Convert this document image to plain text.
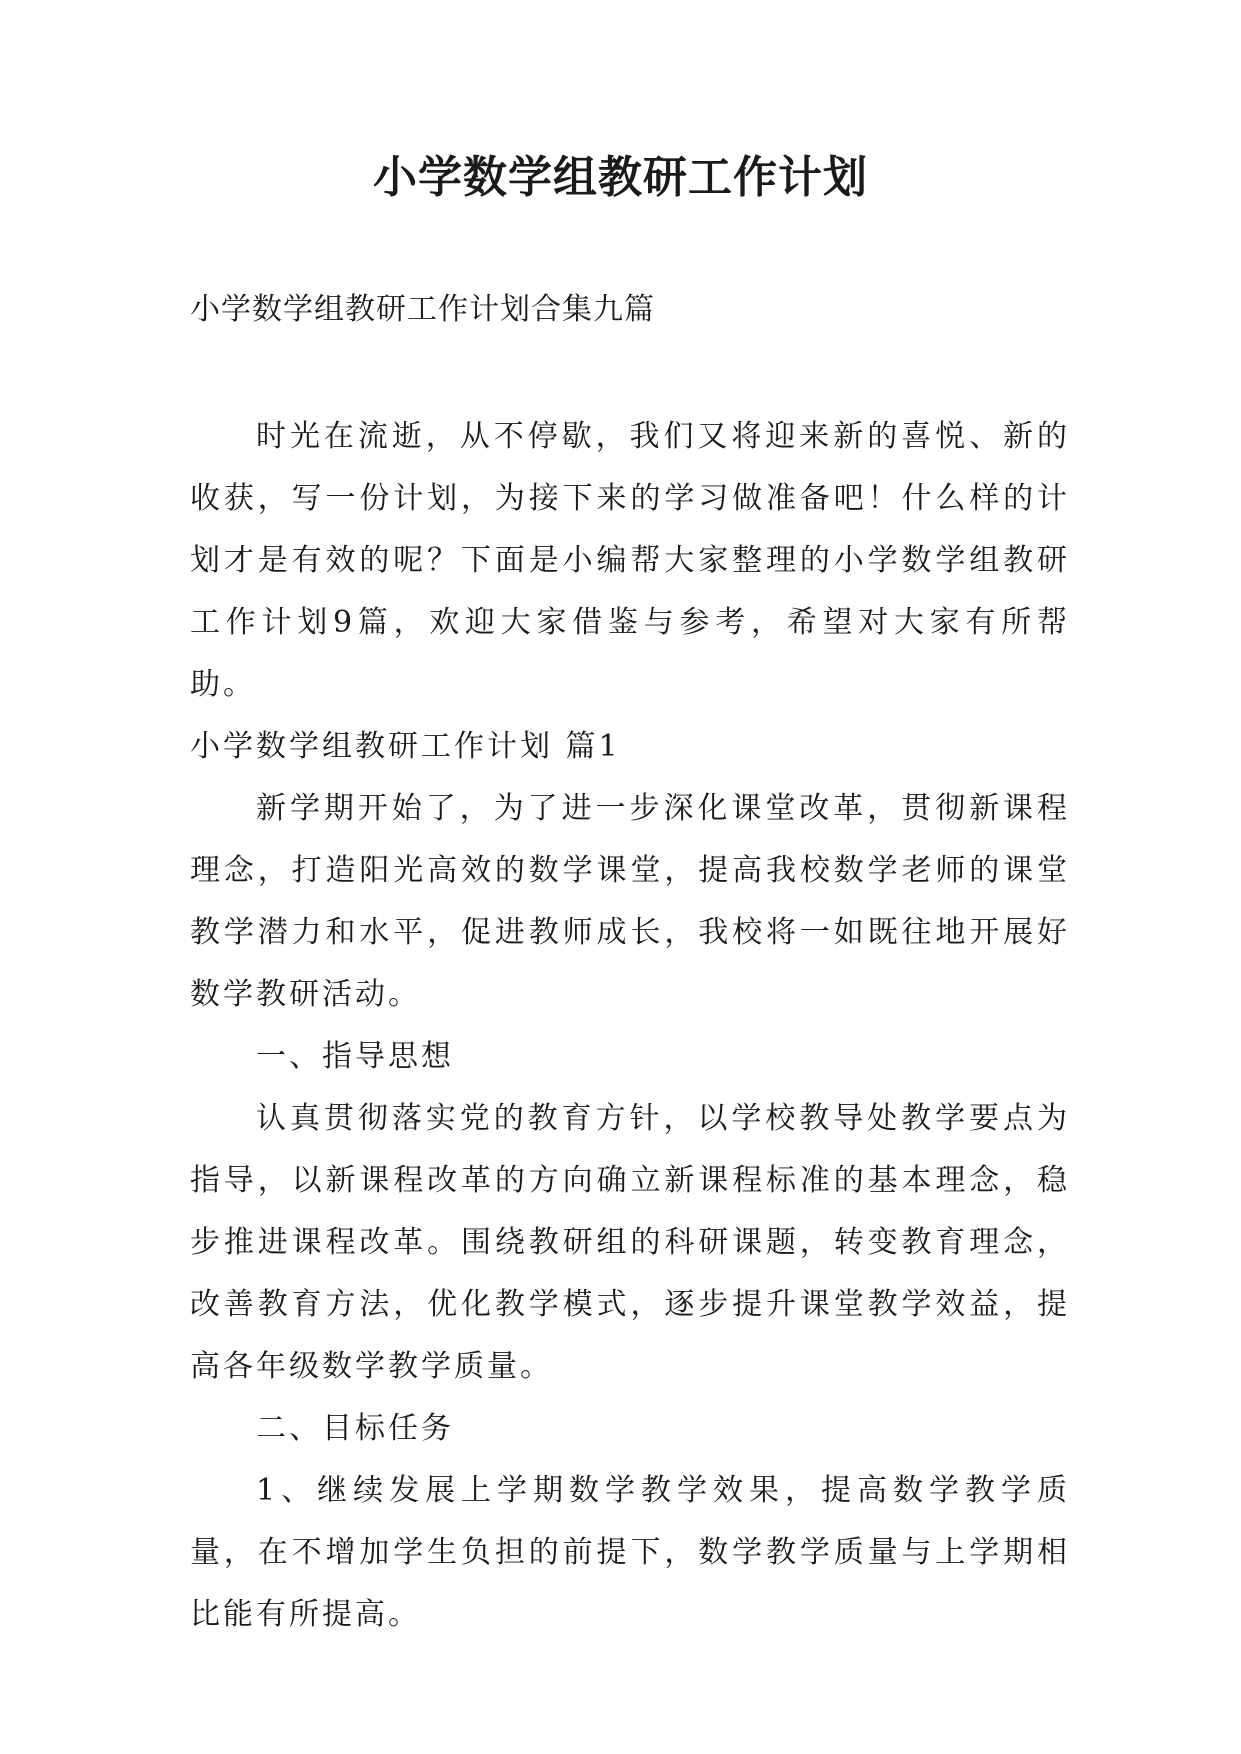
小学数学组教研工作计划
小学数学组教研工作计划合集九篇

时光在流逝，从不停歇，我们又将迎来新的喜悦、新的收获，写一份计划，为接下来的学习做准备吧！什么样的计划才是有效的呢？下面是小编帮大家整理的小学数学组教研工作计划9篇，欢迎大家借鉴与参考，希望对大家有所帮助。

小学数学组教研工作计划 篇1

新学期开始了，为了进一步深化课堂改革，贯彻新课程理念，打造阳光高效的数学课堂，提高我校数学老师的课堂教学潜力和水平，促进教师成长，我校将一如既往地开展好数学教研活动。

一、指导思想

认真贯彻落实党的教育方针，以学校教导处教学要点为指导，以新课程改革的方向确立新课程标准的基本理念，稳步推进课程改革。围绕教研组的科研课题，转变教育理念，改善教育方法，优化教学模式，逐步提升课堂教学效益，提高各年级数学教学质量。

二、目标任务

1、继续发展上学期数学教学效果，提高数学教学质量，在不增加学生负担的前提下，数学教学质量与上学期相比能有所提高。
